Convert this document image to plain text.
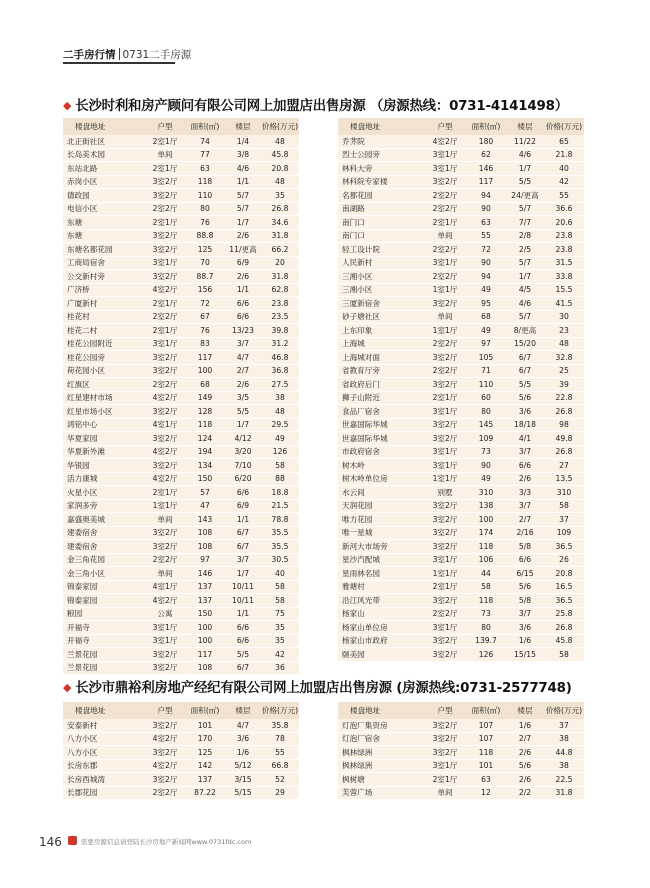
二手房行情 0731二手房源
◆ 长沙时利和房产顾问有限公司网上加盟店出售房源 （房源热线：0731-4141498）
楼盘地址	户型	面积(㎡)	楼层	价格(万元)
北正街社区	2室1厅	74	1/4	48
长岛美术园	单间	77	3/8	45.8
东站北路	2室1厅	63	4/6	20.8
赤岗小区	3室2厅	118	1/1	48
德政园	3室2厅	110	5/7	35
电信小区	2室2厅	80	5/7	26.8
东塘	2室1厅	76	1/7	34.6
东塘	3室2厅	88.8	2/6	31.8
东塘名都花园	3室2厅	125	11/更高	66.2
工商局宿舍	3室1厅	70	6/9	20
公交新村旁	3室2厅	88.7	2/6	31.8
广济桥	4室2厅	156	1/1	62.8
广厦新村	2室1厅	72	6/6	23.8
桂花村	2室2厅	67	6/6	23.5
桂花二村	2室1厅	76	13/23	39.8
桂花公园附近	3室1厅	83	3/7	31.2
桂花公园旁	3室2厅	117	4/7	46.8
荷花园小区	3室2厅	100	2/7	36.8
红旗区	2室2厅	68	2/6	27.5
红星建材市场	4室2厅	149	3/5	38
红星市场小区	3室2厅	128	5/5	48
鸿铭中心	4室1厅	118	1/7	29.5
华夏家园	3室2厅	124	4/12	49
华夏新外滩	4室2厅	194	3/20	126
华银园	3室2厅	134	7/10	58
活力康城	4室2厅	150	6/20	88
火星小区	2室1厅	57	6/6	18.8
家润多旁	1室1厅	47	6/9	21.5
嘉盛奥美城	单间	143	1/1	78.8
建委宿舍	3室2厅	108	6/7	35.5
建委宿舍	3室2厅	108	6/7	35.5
金三角花园	2室2厅	97	3/7	30.5
金三角小区	单间	146	1/7	40
锦泰家园	4室1厅	137	10/11	58
锦泰家园	4室2厅	137	10/11	58
粮园	公寓	150	1/1	75
开福寺	3室1厅	100	6/6	35
开福寺	3室1厅	100	6/6	35
兰景花园	3室2厅	117	5/5	42
兰景花园	3室2厅	108	6/7	36
楼盘地址	户型	面积(㎡)	楼层	价格(万元)
乔荠院	4室2厅	180	11/22	65
烈士公园旁	3室1厅	62	4/6	21.8
林科大旁	3室1厅	146	1/7	40
林科院专家楼	3室2厅	117	5/5	42
名都花园	2室2厅	94	24/更高	55
南湖路	2室2厅	90	5/7	36.6
南门口	2室1厅	63	7/7	20.6
南门口	单间	55	2/8	23.8
轻工设计院	2室2厅	72	2/5	23.8
人民新村	3室1厅	90	5/7	31.5
三湘小区	2室2厅	94	1/7	33.8
三湘小区	1室1厅	49	4/5	15.5
三厦新宿舍	3室2厅	95	4/6	41.5
砂子塘社区	单间	68	5/7	30
上东印象	1室1厅	49	8/更高	23
上海城	2室2厅	97	15/20	48
上海城对面	3室2厅	105	6/7	32.8
省教育厅旁	2室2厅	71	6/7	25
省政府后门	3室2厅	110	5/5	39
狮子山附近	2室1厅	60	5/6	22.8
食品厂宿舍	3室1厅	80	3/6	26.8
世嘉国际华城	3室2厅	145	18/18	98
世嘉国际华城	3室2厅	109	4/1	49.8
市政府宿舍	3室1厅	73	3/7	26.8
树木岭	3室1厅	90	6/6	27
树木岭单位房	1室1厅	49	2/6	13.5
水云间	别墅	310	3/3	310
天润花园	3室2厅	138	3/7	58
唯力花园	3室2厅	100	2/7	37
唯一星城	3室2厅	174	2/16	109
新河大市场旁	3室2厅	118	5/8	36.5
星沙汽配城	3室1厅	106	6/6	26
星雨林名园	1室1厅	44	6/15	20.8
雅塘村	2室1厅	58	5/6	16.5
沿江风光带	3室2厅	118	5/8	36.5
杨家山	2室2厅	73	3/7	25.8
杨家山单位房	3室1厅	80	3/6	26.8
杨家山市政府	3室2厅	139.7	1/6	45.8
颐美园	3室2厅	126	15/15	58
◆ 长沙市鼎裕利房地产经纪有限公司网上加盟店出售房源 (房源热线:0731-2577748)
楼盘地址	户型	面积(㎡)	楼层	价格(万元)
安泰新村	3室2厅	101	4/7	35.8
八方小区	4室2厅	170	3/6	78
八方小区	3室2厅	125	1/6	55
长房东郡	4室2厅	142	5/12	66.8
长房西城湾	3室2厅	137	3/15	52
长郡花园	2室2厅	87.22	5/15	29
楼盘地址	户型	面积(㎡)	楼层	价格(万元)
灯泡厂集资房	3室2厅	107	1/6	37
灯泡厂宿舍	3室2厅	107	2/7	38
枫林绿洲	3室2厅	118	2/6	44.8
枫林绿洲	3室1厅	101	5/6	38
枫树塘	2室1厅	63	2/6	22.5
芙蓉广场	单间	12	2/2	31.8
146	需要房源信息请登陆长沙房地产新闻网www.0731fdc.com
